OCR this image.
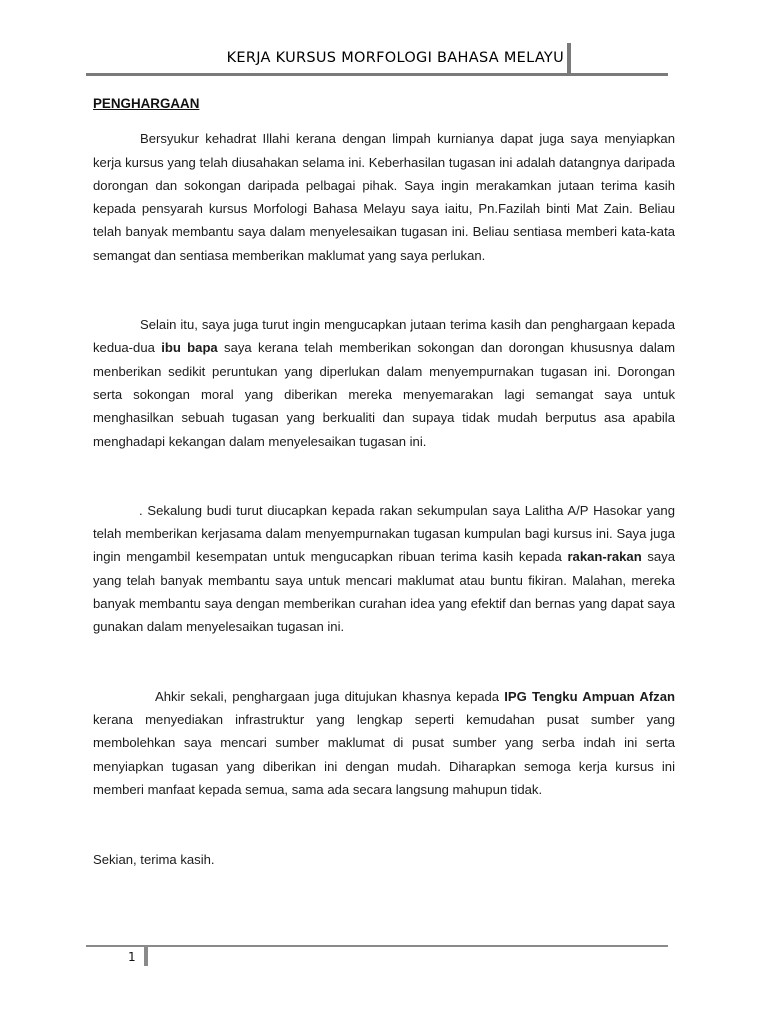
KERJA KURSUS MORFOLOGI BAHASA MELAYU
PENGHARGAAN

Bersyukur kehadrat Illahi kerana dengan limpah kurnianya dapat juga saya menyiapkan kerja kursus yang telah diusahakan selama ini. Keberhasilan tugasan ini adalah datangnya daripada dorongan dan sokongan daripada pelbagai pihak. Saya ingin merakamkan jutaan terima kasih kepada pensyarah kursus Morfologi Bahasa Melayu saya iaitu, Pn.Fazilah binti Mat Zain. Beliau telah banyak membantu saya dalam menyelesaikan tugasan ini. Beliau sentiasa memberi kata-kata semangat dan sentiasa memberikan maklumat yang saya perlukan.

Selain itu, saya juga turut ingin mengucapkan jutaan terima kasih dan penghargaan kepada kedua-dua ibu bapa saya kerana telah memberikan sokongan dan dorongan khususnya dalam menberikan sedikit peruntukan yang diperlukan dalam menyempurnakan tugasan ini. Dorongan serta sokongan moral yang diberikan mereka menyemarakan lagi semangat saya untuk menghasilkan sebuah tugasan yang berkualiti dan supaya tidak mudah berputus asa apabila menghadapi kekangan dalam menyelesaikan tugasan ini.

. Sekalung budi turut diucapkan kepada rakan sekumpulan saya Lalitha A/P Hasokar yang telah memberikan kerjasama dalam menyempurnakan tugasan kumpulan bagi kursus ini. Saya juga ingin mengambil kesempatan untuk mengucapkan ribuan terima kasih kepada rakan-rakan saya yang telah banyak membantu saya untuk mencari maklumat atau buntu fikiran. Malahan, mereka banyak membantu saya dengan memberikan curahan idea yang efektif dan bernas yang dapat saya gunakan dalam menyelesaikan tugasan ini.

Ahkir sekali, penghargaan juga ditujukan khasnya kepada IPG Tengku Ampuan Afzan kerana menyediakan infrastruktur yang lengkap seperti kemudahan pusat sumber yang membolehkan saya mencari sumber maklumat di pusat sumber yang serba indah ini serta menyiapkan tugasan yang diberikan ini dengan mudah. Diharapkan semoga kerja kursus ini memberi manfaat kepada semua, sama ada secara langsung mahupun tidak.

Sekian, terima kasih.

1
